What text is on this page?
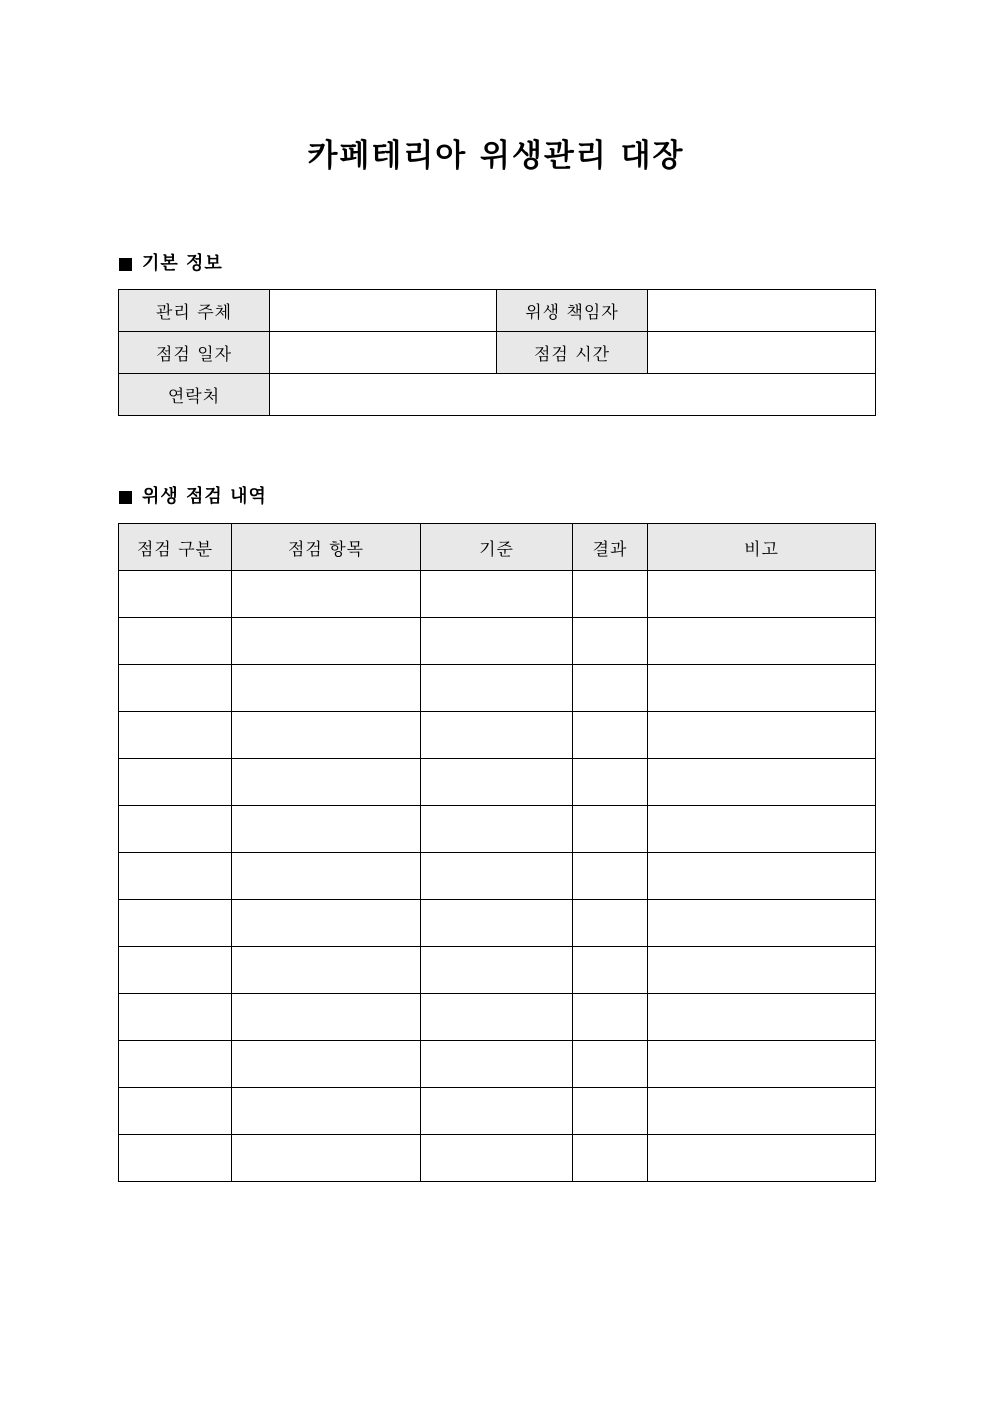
카페테리아 위생관리 대장
기본 정보
관리 주체		위생 책임자	
점검 일자		점검 시간	
연락처			
위생 점검 내역
점검 구분	점검 항목	기준	결과	비고
